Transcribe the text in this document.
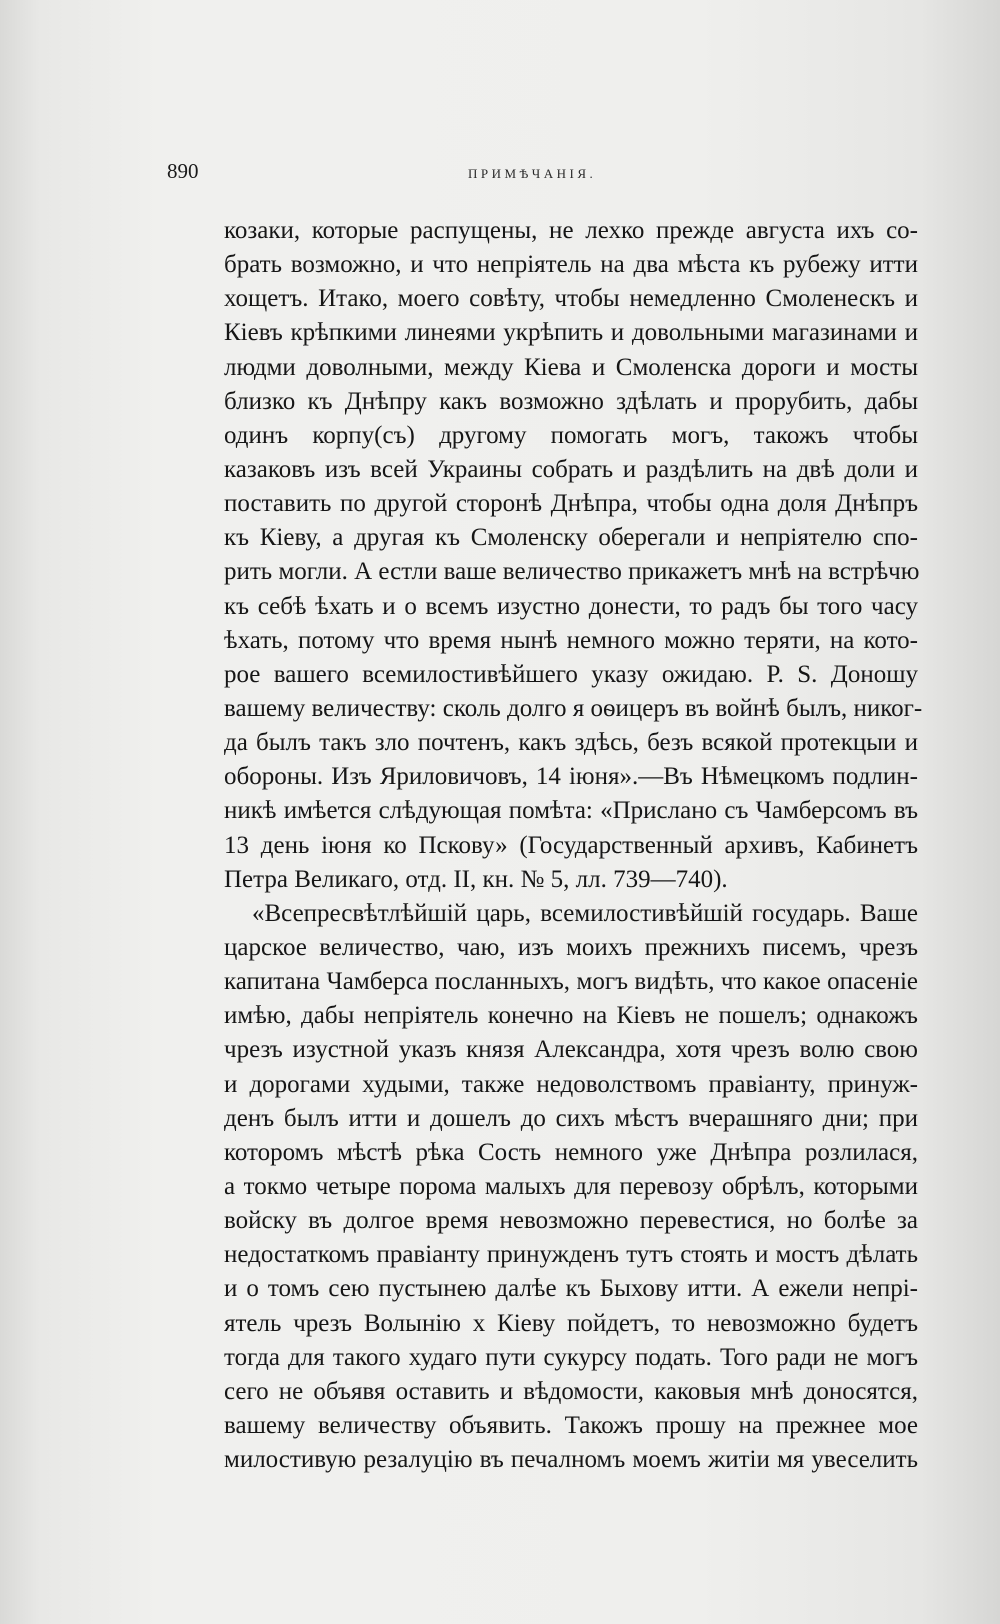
890	ПРИМѢЧАНІЯ.
козаки, которые распущены, не лехко прежде августа ихъ со-
брать возможно, и что непріятель на два мѣста къ рубежу итти
хощетъ. Итако, моего совѣту, чтобы немедленно Смоленескъ и
Кіевъ крѣпкими линеями укрѣпить и довольными магазинами и
людми доволными, между Кіева и Смоленска дороги и мосты
близко къ Днѣпру какъ возможно здѣлать и прорубить, дабы
одинъ корпу(съ) другому помогать могъ, такожъ чтобы
казаковъ изъ всей Украины собрать и раздѣлить на двѣ доли и
поставить по другой сторонѣ Днѣпра, чтобы одна доля Днѣпръ
къ Кіеву, а другая къ Смоленску оберегали и непріятелю спо-
рить могли. А естли ваше величество прикажетъ мнѣ на встрѣчю
къ себѣ ѣхать и о всемъ изустно донести, то радъ бы того часу
ѣхать, потому что время нынѣ немного можно теряти, на кото-
рое вашего всемилостивѣйшего указу ожидаю. P. S. Доношу
вашему величеству: сколь долго я оѳицеръ въ войнѣ былъ, никог-
да былъ такъ зло почтенъ, какъ здѣсь, безъ всякой протекцыи и
обороны. Изъ Яриловичовъ, 14 іюня».—Въ Нѣмецкомъ подлин-
никѣ имѣется слѣдующая помѣта: «Прислано съ Чамберсомъ въ
13 день іюня ко Пскову» (Государственный архивъ, Кабинетъ
Петра Великаго, отд. II, кн. № 5, лл. 739—740).
«Всепресвѣтлѣйшій царь, всемилостивѣйшій государь. Ваше
царское величество, чаю, изъ моихъ прежнихъ писемъ, чрезъ
капитана Чамберса посланныхъ, могъ видѣть, что какое опасеніе
имѣю, дабы непріятель конечно на Кіевъ не пошелъ; однакожъ
чрезъ изустной указъ князя Александра, хотя чрезъ волю свою
и дорогами худыми, также недоволствомъ правіанту, принуж-
денъ былъ итти и дошелъ до сихъ мѣстъ вчерашняго дни; при
которомъ мѣстѣ рѣка Сость немного уже Днѣпра розлилася,
а токмо четыре порома малыхъ для перевозу обрѣлъ, которыми
войску въ долгое время невозможно перевестися, но болѣе за
недостаткомъ правіанту принужденъ тутъ стоять и мостъ дѣлать
и о томъ сею пустынею далѣе къ Быхову итти. А ежели непрі-
ятель чрезъ Волынію х Кіеву пойдетъ, то невозможно будетъ
тогда для такого худаго пути сукурсу подать. Того ради не могъ
сего не объявя оставить и вѣдомости, каковыя мнѣ доносятся,
вашему величеству объявить. Такожъ прошу на прежнее мое
милостивую резалуцію въ печалномъ моемъ житіи мя увеселить
